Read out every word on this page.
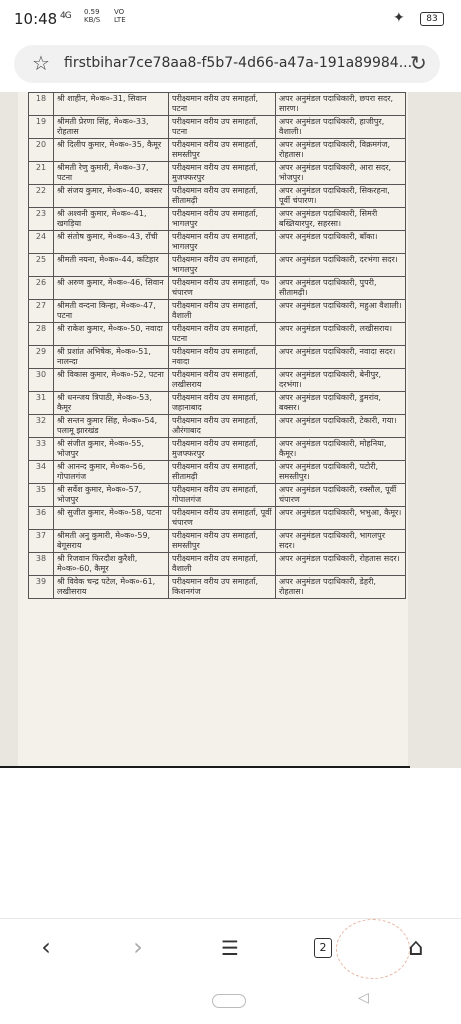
10:48 4G 0.59
KB/S
VO
LTE	✦	83
☆ firstbihar7ce78aa8-f5b7-4d66-a47a-191a89984...
↻
18	श्री शाहीन, मे०क०-31, सिवान	परीक्ष्यमान वरीय उप समाहर्ता, पटना	अपर अनुमंडल पदाधिकारी, छपरा सदर, सारण।
19	श्रीमती प्रेरणा सिंह, मे०क०-33, रोहतास	परीक्ष्यमान वरीय उप समाहर्ता, पटना	अपर अनुमंडल पदाधिकारी, हाजीपुर, वैशाली।
20	श्री दिलीप कुमार, मे०क०-35, कैमूर	परीक्ष्यमान वरीय उप समाहर्ता, समस्तीपुर	अपर अनुमंडल पदाधिकारी, विक्रमगंज, रोहतास।
21	श्रीमती रेणु कुमारी, मे०क०-37, पटना	परीक्ष्यमान वरीय उप समाहर्ता, मुजफ्फरपुर	अपर अनुमंडल पदाधिकारी, आरा सदर, भोजपुर।
22	श्री संजय कुमार, मे०क०-40, बक्सर	परीक्ष्यमान वरीय उप समाहर्ता, सीतामढ़ी	अपर अनुमंडल पदाधिकारी, सिकरहना, पूर्वी चंपारण।
23	श्री अश्वनी कुमार, मे०क०-41, खगड़िया	परीक्ष्यमान वरीय उप समाहर्ता, भागलपुर	अपर अनुमंडल पदाधिकारी, सिमरी बख्तियारपुर, सहरसा।
24	श्री संतोष कुमार, मे०क०-43, राँची	परीक्ष्यमान वरीय उप समाहर्ता, भागलपुर	अपर अनुमंडल पदाधिकारी, बाँका।
25	श्रीमती नयना, मे०क०-44, कटिहार	परीक्ष्यमान वरीय उप समाहर्ता, भागलपुर	अपर अनुमंडल पदाधिकारी, दरभंगा सदर।
26	श्री अरुण कुमार, मे०क०-46, सिवान	परीक्ष्यमान वरीय उप समाहर्ता, प० चंपारण	अपर अनुमंडल पदाधिकारी, पुपरी, सीतामढ़ी।
27	श्रीमती वन्दना किन्हा, मे०क०-47, पटना	परीक्ष्यमान वरीय उप समाहर्ता, वैशाली	अपर अनुमंडल पदाधिकारी, महुआ वैशाली।
28	श्री राकेश कुमार, मे०क०-50, नवादा	परीक्ष्यमान वरीय उप समाहर्ता, पटना	अपर अनुमंडल पदाधिकारी, लखीसराय।
29	श्री प्रशांत अभिषेक, मे०क०-51, नालन्दा	परीक्ष्यमान वरीय उप समाहर्ता, नवादा	अपर अनुमंडल पदाधिकारी, नवादा सदर।
30	श्री विकास कुमार, मे०क०-52, पटना	परीक्ष्यमान वरीय उप समाहर्ता, लखीसराय	अपर अनुमंडल पदाधिकारी, बेनीपुर, दरभंगा।
31	श्री धनन्जय त्रिपाठी, मे०क०-53, कैमूर	परीक्ष्यमान वरीय उप समाहर्ता, जहानाबाद	अपर अनुमंडल पदाधिकारी, डुमरांव, बक्सर।
32	श्री सन्तन कुमार सिंह, मे०क०-54, पलामू झारखंड	परीक्ष्यमान वरीय उप समाहर्ता, औरंगाबाद	अपर अनुमंडल पदाधिकारी, टेकारी, गया।
33	श्री संजीत कुमार, मे०क०-55, भोजपुर	परीक्ष्यमान वरीय उप समाहर्ता, मुजफ्फरपुर	अपर अनुमंडल पदाधिकारी, मोहनिया, कैमूर।
34	श्री आनन्द कुमार, मे०क०-56, गोपालगंज	परीक्ष्यमान वरीय उप समाहर्ता, सीतामढ़ी	अपर अनुमंडल पदाधिकारी, पटोरी, समस्तीपुर।
35	श्री सर्वेश कुमार, मे०क०-57, भोजपुर	परीक्ष्यमान वरीय उप समाहर्ता, गोपालगंज	अपर अनुमंडल पदाधिकारी, रक्सौल, पूर्वी चंपारण
36	श्री सुजीत कुमार, मे०क०-58, पटना	परीक्ष्यमान वरीय उप समाहर्ता, पूर्वी चंपारण	अपर अनुमंडल पदाधिकारी, भभुआ, कैमूर।
37	श्रीमती अनु कुमारी, मे०क०-59, बेगूसराय	परीक्ष्यमान वरीय उप समाहर्ता, समस्तीपुर	अपर अनुमंडल पदाधिकारी, भागलपुर सदर।
38	श्री रिजवान फिरदौश कुरैशी, मे०क०-60, कैमूर	परीक्ष्यमान वरीय उप समाहर्ता, वैशाली	अपर अनुमंडल पदाधिकारी, रोहतास सदर।
39	श्री विवेक चन्द्र पटेल, मे०क०-61, लखीसराय	परीक्ष्यमान वरीय उप समाहर्ता, किशनगंज	अपर अनुमंडल पदाधिकारी, डेहरी, रोहतास।
‹	›	☰	2	⌂
◁
